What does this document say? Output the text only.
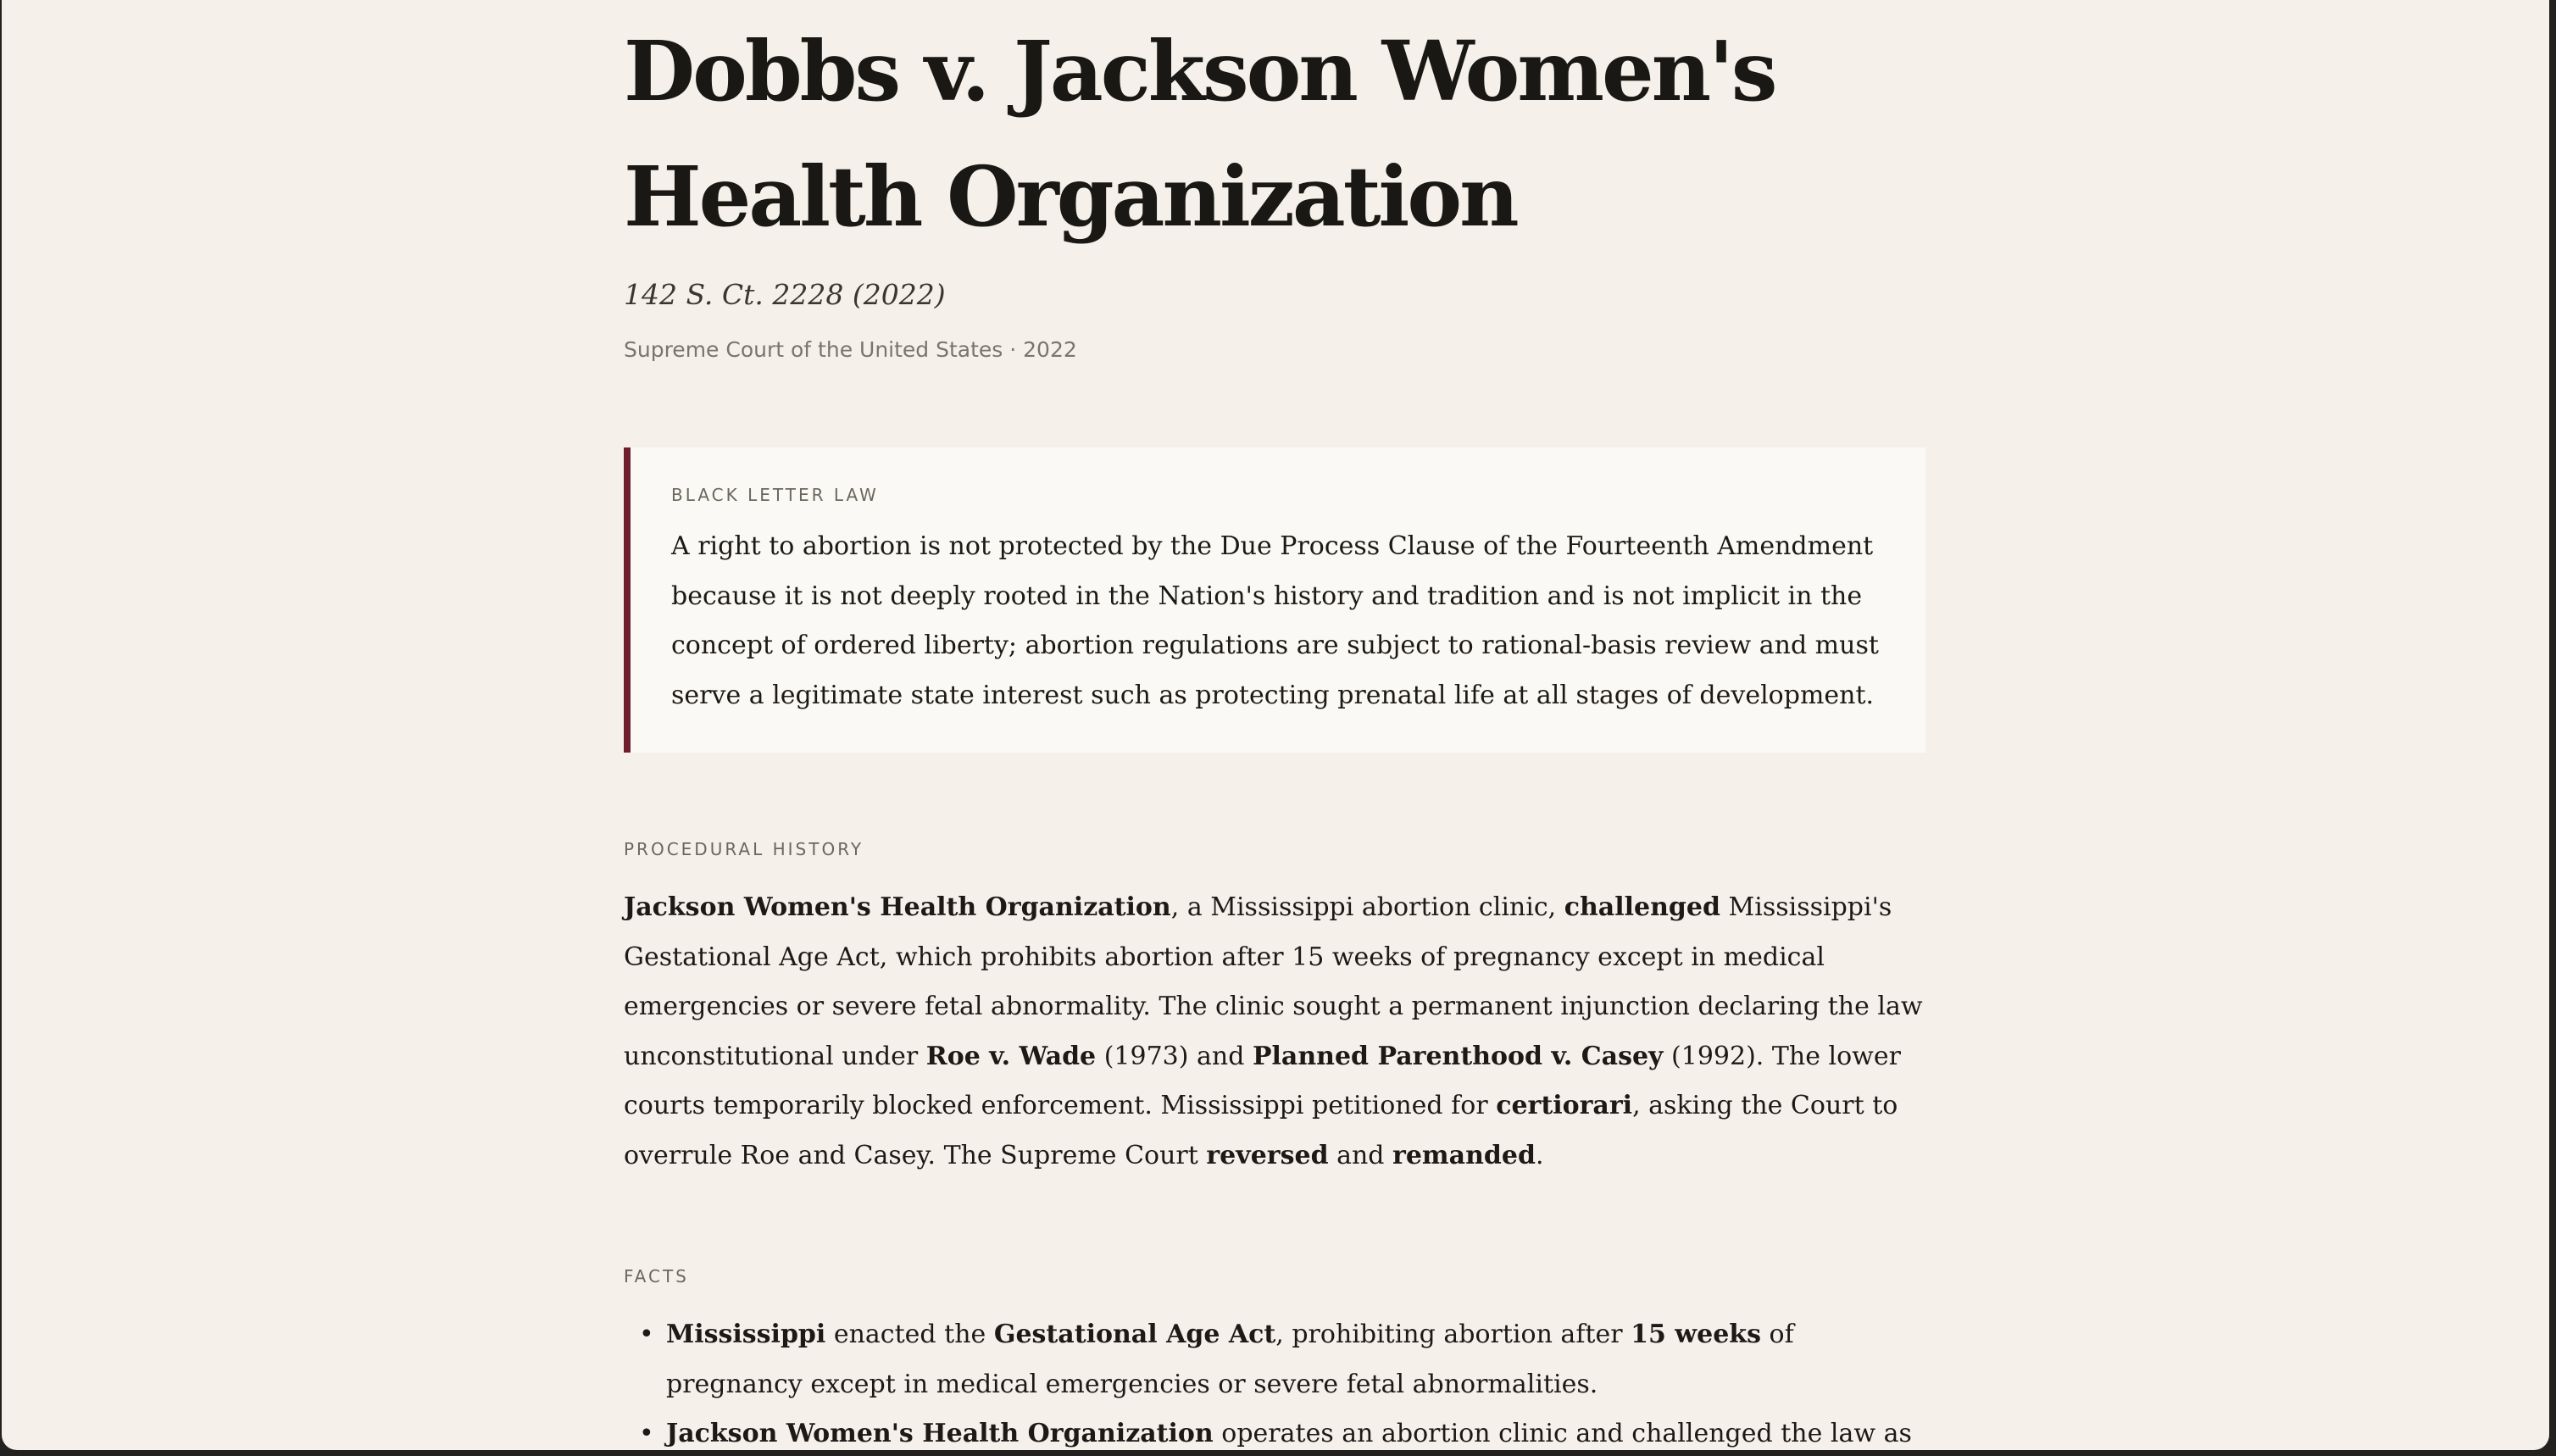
Dobbs v. Jackson Women's Health Organization
142 S. Ct. 2228 (2022)
Supreme Court of the United States · 2022
BLACK LETTER LAW
A right to abortion is not protected by the Due Process Clause of the Fourteenth Amendment because it is not deeply rooted in the Nation's history and tradition and is not implicit in the concept of ordered liberty; abortion regulations are subject to rational-basis review and must serve a legitimate state interest such as protecting prenatal life at all stages of development.
PROCEDURAL HISTORY

Jackson Women's Health Organization, a Mississippi abortion clinic, challenged Mississippi's Gestational Age Act, which prohibits abortion after 15 weeks of pregnancy except in medical emergencies or severe fetal abnormality. The clinic sought a permanent injunction declaring the law unconstitutional under Roe v. Wade (1973) and Planned Parenthood v. Casey (1992). The lower courts temporarily blocked enforcement. Mississippi petitioned for certiorari, asking the Court to overrule Roe and Casey. The Supreme Court reversed and remanded.

FACTS
• Mississippi enacted the Gestational Age Act, prohibiting abortion after 15 weeks of pregnancy except in medical emergencies or severe fetal abnormalities.
• Jackson Women's Health Organization operates an abortion clinic and challenged the law as
